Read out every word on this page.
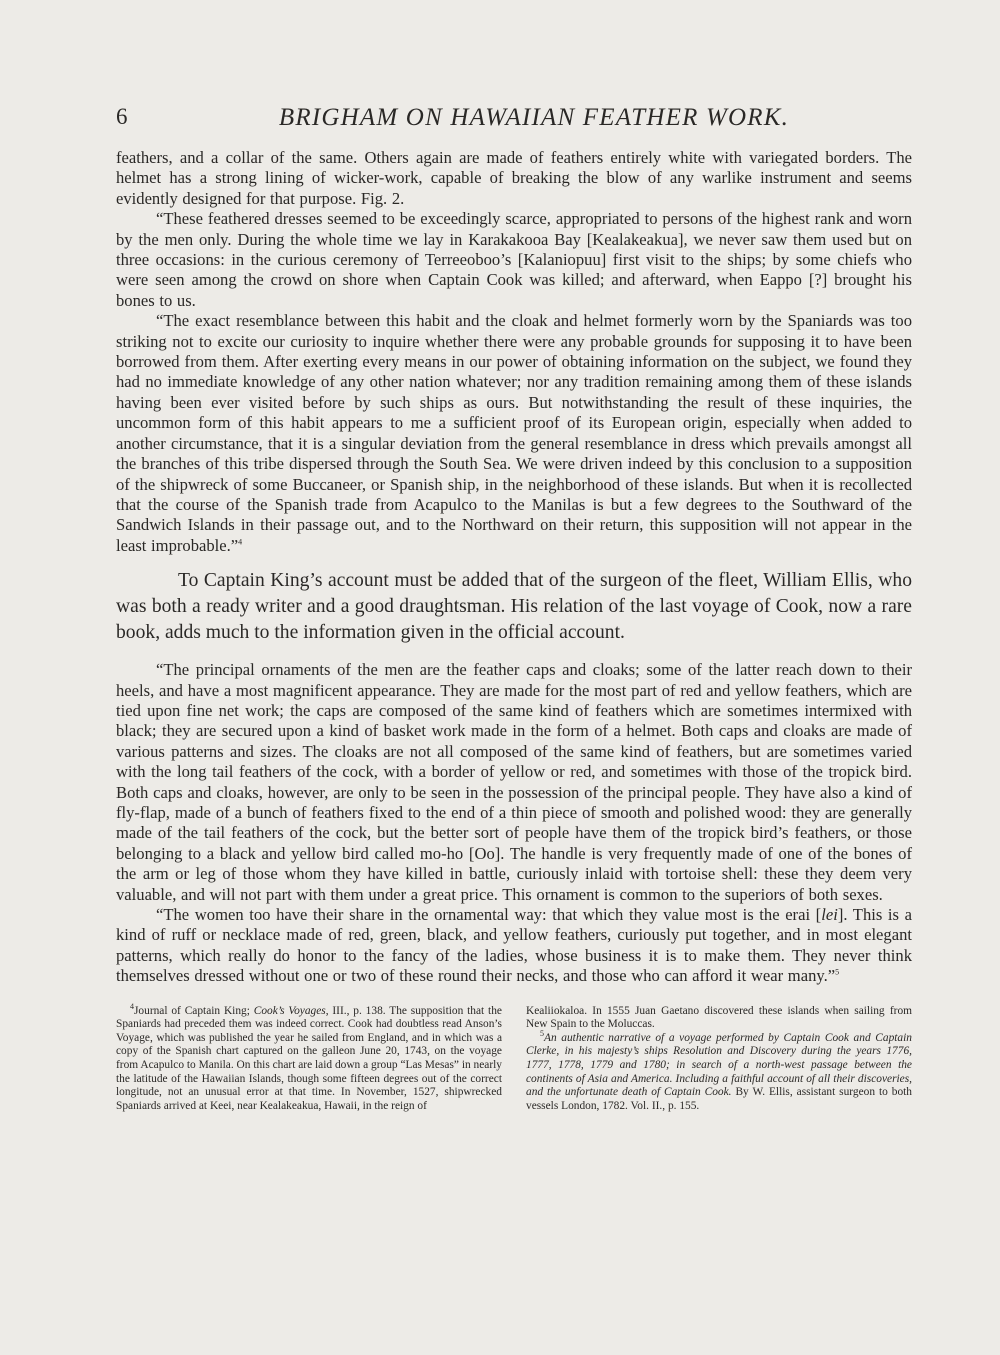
6	BRIGHAM ON HAWAIIAN FEATHER WORK.

feathers, and a collar of the same. Others again are made of feathers entirely white with variegated borders. The helmet has a strong lining of wicker-work, capable of breaking the blow of any warlike instrument and seems evidently designed for that purpose. Fig. 2.

“These feathered dresses seemed to be exceedingly scarce, appropriated to persons of the highest rank and worn by the men only. During the whole time we lay in Karakakooa Bay [Kealakeakua], we never saw them used but on three occasions: in the curious ceremony of Terreeoboo’s [Kalaniopuu] first visit to the ships; by some chiefs who were seen among the crowd on shore when Captain Cook was killed; and afterward, when Eappo [?] brought his bones to us.

“The exact resemblance between this habit and the cloak and helmet formerly worn by the Spaniards was too striking not to excite our curiosity to inquire whether there were any probable grounds for supposing it to have been borrowed from them. After exerting every means in our power of obtaining information on the subject, we found they had no immediate knowledge of any other nation whatever; nor any tradition remaining among them of these islands having been ever visited before by such ships as ours. But notwithstanding the result of these inquiries, the uncommon form of this habit appears to me a sufficient proof of its European origin, especially when added to another circumstance, that it is a singular deviation from the general resemblance in dress which prevails amongst all the branches of this tribe dispersed through the South Sea. We were driven indeed by this conclusion to a supposition of the shipwreck of some Buccaneer, or Spanish ship, in the neighborhood of these islands. But when it is recollected that the course of the Spanish trade from Acapulco to the Manilas is but a few degrees to the Southward of the Sandwich Islands in their passage out, and to the Northward on their return, this supposition will not appear in the least improbable.”$^4$

To Captain King’s account must be added that of the surgeon of the fleet, William Ellis, who was both a ready writer and a good draughtsman. His relation of the last voyage of Cook, now a rare book, adds much to the information given in the official account.

“The principal ornaments of the men are the feather caps and cloaks; some of the latter reach down to their heels, and have a most magnificent appearance. They are made for the most part of red and yellow feathers, which are tied upon fine net work; the caps are composed of the same kind of feathers which are sometimes intermixed with black; they are secured upon a kind of basket work made in the form of a helmet. Both caps and cloaks are made of various patterns and sizes. The cloaks are not all composed of the same kind of feathers, but are sometimes varied with the long tail feathers of the cock, with a border of yellow or red, and sometimes with those of the tropick bird. Both caps and cloaks, however, are only to be seen in the possession of the principal people. They have also a kind of fly-flap, made of a bunch of feathers fixed to the end of a thin piece of smooth and polished wood: they are generally made of the tail feathers of the cock, but the better sort of people have them of the tropick bird’s feathers, or those belonging to a black and yellow bird called mo-ho [Oo]. The handle is very frequently made of one of the bones of the arm or leg of those whom they have killed in battle, curiously inlaid with tortoise shell: these they deem very valuable, and will not part with them under a great price. This ornament is common to the superiors of both sexes.

“The women too have their share in the ornamental way: that which they value most is the erai [lei]. This is a kind of ruff or necklace made of red, green, black, and yellow feathers, curiously put together, and in most elegant patterns, which really do honor to the fancy of the ladies, whose business it is to make them. They never think themselves dressed without one or two of these round their necks, and those who can afford it wear many.”$^5$

$^4$Journal of Captain King; Cook’s Voyages, III., p. 138. The supposition that the Spaniards had preceded them was indeed correct. Cook had doubtless read Anson’s Voyage, which was published the year he sailed from England, and in which was a copy of the Spanish chart captured on the galleon June 20, 1743, on the voyage from Acapulco to Manila. On this chart are laid down a group “Las Mesas” in nearly the latitude of the Hawaiian Islands, though some fifteen degrees out of the correct longitude, not an unusual error at that time. In November, 1527, shipwrecked Spaniards arrived at Keei, near Kealakeakua, Hawaii, in the reign of

Kealiiokaloa. In 1555 Juan Gaetano discovered these islands when sailing from New Spain to the Moluccas.

$^5$An authentic narrative of a voyage performed by Captain Cook and Captain Clerke, in his majesty’s ships Resolution and Discovery during the years 1776, 1777, 1778, 1779 and 1780; in search of a north-west passage between the continents of Asia and America. Including a faithful account of all their discoveries, and the unfortunate death of Captain Cook. By W. Ellis, assistant surgeon to both vessels London, 1782. Vol. II., p. 155.
